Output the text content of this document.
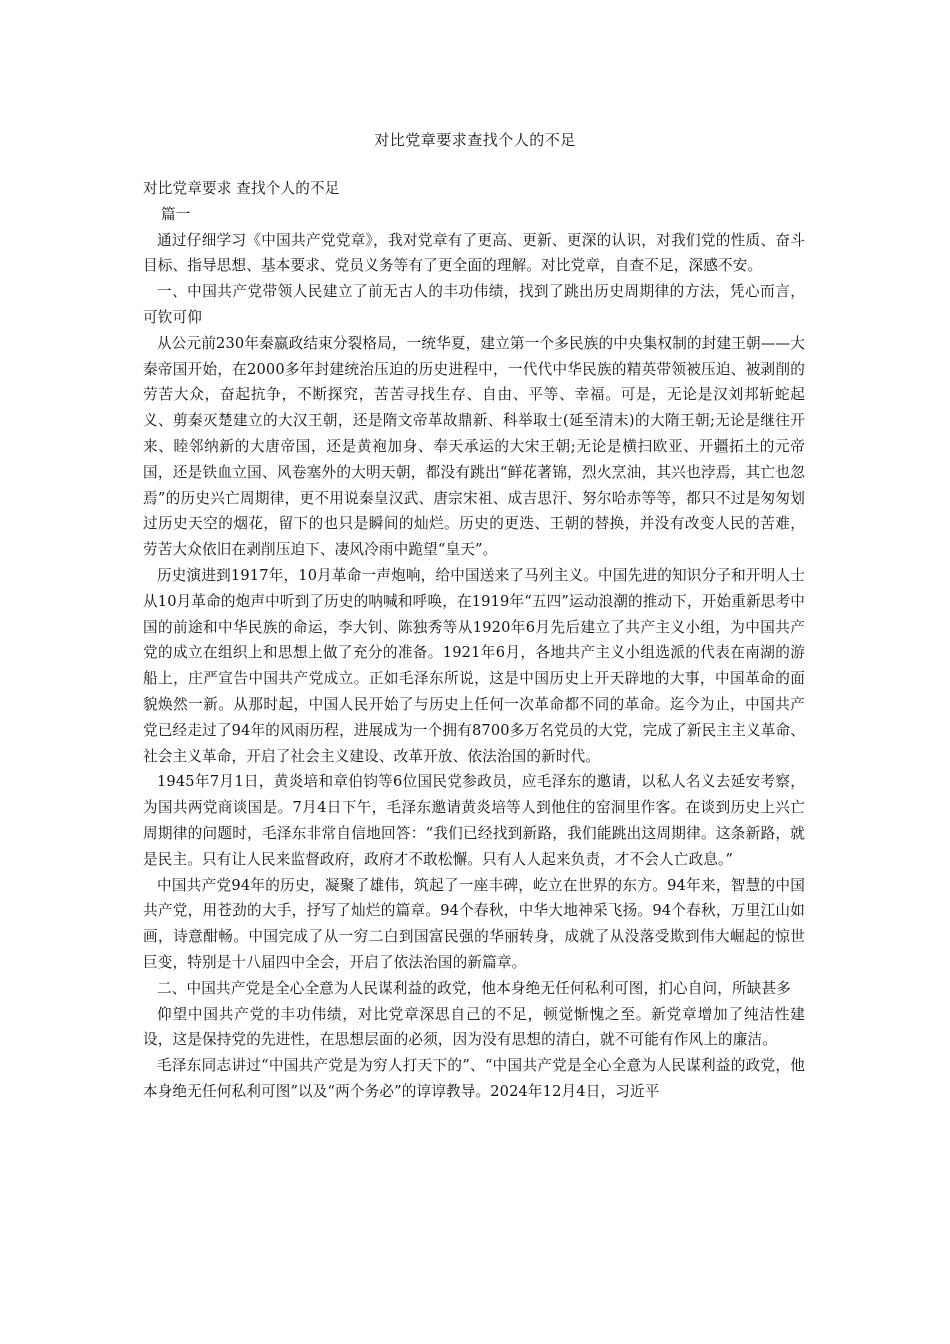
对比党章要求查找个人的不足

对比党章要求 查找个人的不足

篇一

通过仔细学习《中国共产党党章》，我对党章有了更高、更新、更深的认识，对我们党的性质、奋斗目标、指导思想、基本要求、党员义务等有了更全面的理解。对比党章，自查不足，深感不安。

一、中国共产党带领人民建立了前无古人的丰功伟绩，找到了跳出历史周期律的方法，凭心而言，可钦可仰

从公元前230年秦嬴政结束分裂格局，一统华夏，建立第一个多民族的中央集权制的封建王朝——大秦帝国开始，在2000多年封建统治压迫的历史进程中，一代代中华民族的精英带领被压迫、被剥削的劳苦大众，奋起抗争，不断探究，苦苦寻找生存、自由、平等、幸福。可是，无论是汉刘邦斩蛇起义、剪秦灭楚建立的大汉王朝，还是隋文帝革故鼎新、科举取士(延至清末)的大隋王朝;无论是继往开来、睦邻纳新的大唐帝国，还是黄袍加身、奉天承运的大宋王朝;无论是横扫欧亚、开疆拓土的元帝国，还是铁血立国、风卷塞外的大明天朝，都没有跳出“鲜花著锦，烈火烹油，其兴也浡焉，其亡也忽焉”的历史兴亡周期律，更不用说秦皇汉武、唐宗宋祖、成吉思汗、努尔哈赤等等，都只不过是匆匆划过历史天空的烟花，留下的也只是瞬间的灿烂。历史的更迭、王朝的替换，并没有改变人民的苦难，劳苦大众依旧在剥削压迫下、凄风冷雨中跪望“皇天”。

历史演进到1917年，10月革命一声炮响，给中国送来了马列主义。中国先进的知识分子和开明人士从10月革命的炮声中听到了历史的呐喊和呼唤，在1919年“五四”运动浪潮的推动下，开始重新思考中国的前途和中华民族的命运，李大钊、陈独秀等从1920年6月先后建立了共产主义小组，为中国共产党的成立在组织上和思想上做了充分的准备。1921年6月，各地共产主义小组选派的代表在南湖的游船上，庄严宣告中国共产党成立。正如毛泽东所说，这是中国历史上开天辟地的大事，中国革命的面貌焕然一新。从那时起，中国人民开始了与历史上任何一次革命都不同的革命。迄今为止，中国共产党已经走过了94年的风雨历程，进展成为一个拥有8700多万名党员的大党，完成了新民主主义革命、社会主义革命，开启了社会主义建设、改革开放、依法治国的新时代。

1945年7月1日，黄炎培和章伯钧等6位国民党参政员，应毛泽东的邀请，以私人名义去延安考察，为国共两党商谈国是。7月4日下午，毛泽东邀请黄炎培等人到他住的窑洞里作客。在谈到历史上兴亡周期律的问题时，毛泽东非常自信地回答：“我们已经找到新路，我们能跳出这周期律。这条新路，就是民主。只有让人民来监督政府，政府才不敢松懈。只有人人起来负责，才不会人亡政息。”

中国共产党94年的历史，凝聚了雄伟，筑起了一座丰碑，屹立在世界的东方。94年来，智慧的中国共产党，用苍劲的大手，抒写了灿烂的篇章。94个春秋，中华大地神采飞扬。94个春秋，万里江山如画，诗意酣畅。中国完成了从一穷二白到国富民强的华丽转身，成就了从没落受欺到伟大崛起的惊世巨变，特别是十八届四中全会，开启了依法治国的新篇章。

二、中国共产党是全心全意为人民谋利益的政党，他本身绝无任何私利可图，扪心自问，所缺甚多

仰望中国共产党的丰功伟绩，对比党章深思自己的不足，顿觉惭愧之至。新党章增加了纯洁性建设，这是保持党的先进性，在思想层面的必须，因为没有思想的清白，就不可能有作风上的廉洁。

毛泽东同志讲过“中国共产党是为穷人打天下的”、“中国共产党是全心全意为人民谋利益的政党，他本身绝无任何私利可图”以及“两个务必”的谆谆教导。2024年12月4日，习近平
